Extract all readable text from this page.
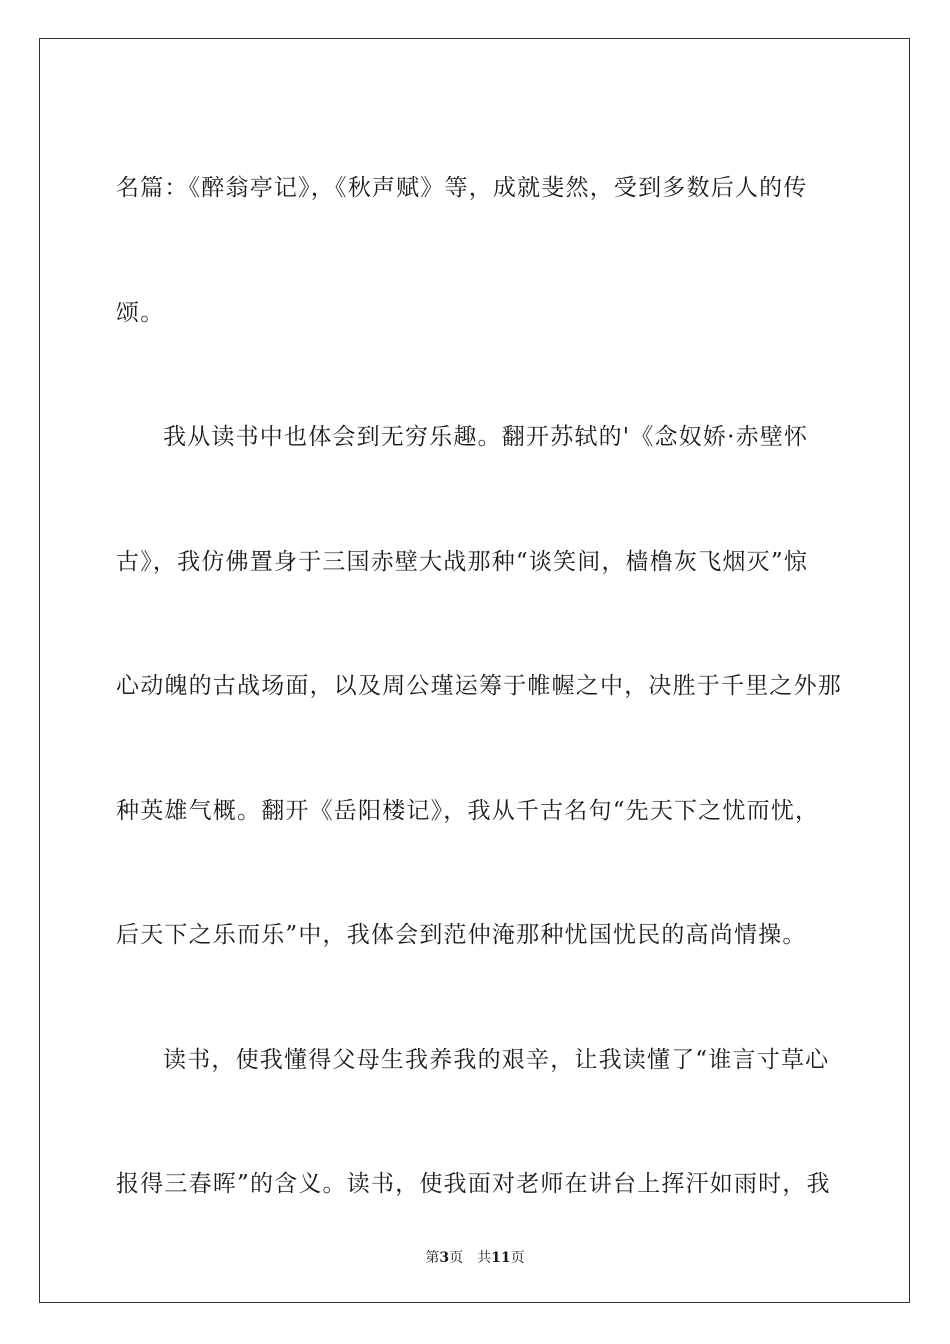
名篇：《醉翁亭记》，《秋声赋》等，成就斐然，受到多数后人的传
颂。
我从读书中也体会到无穷乐趣。翻开苏轼的'《念奴娇·赤壁怀
古》，我仿佛置身于三国赤壁大战那种“谈笑间，樯橹灰飞烟灭”惊
心动魄的古战场面，以及周公瑾运筹于帷幄之中，决胜于千里之外那
种英雄气概。翻开《岳阳楼记》，我从千古名句“先天下之忧而忧，
后天下之乐而乐”中，我体会到范仲淹那种忧国忧民的高尚情操。
读书，使我懂得父母生我养我的艰辛，让我读懂了“谁言寸草心
报得三春晖”的含义。读书，使我面对老师在讲台上挥汗如雨时，我
第3页 共11页
